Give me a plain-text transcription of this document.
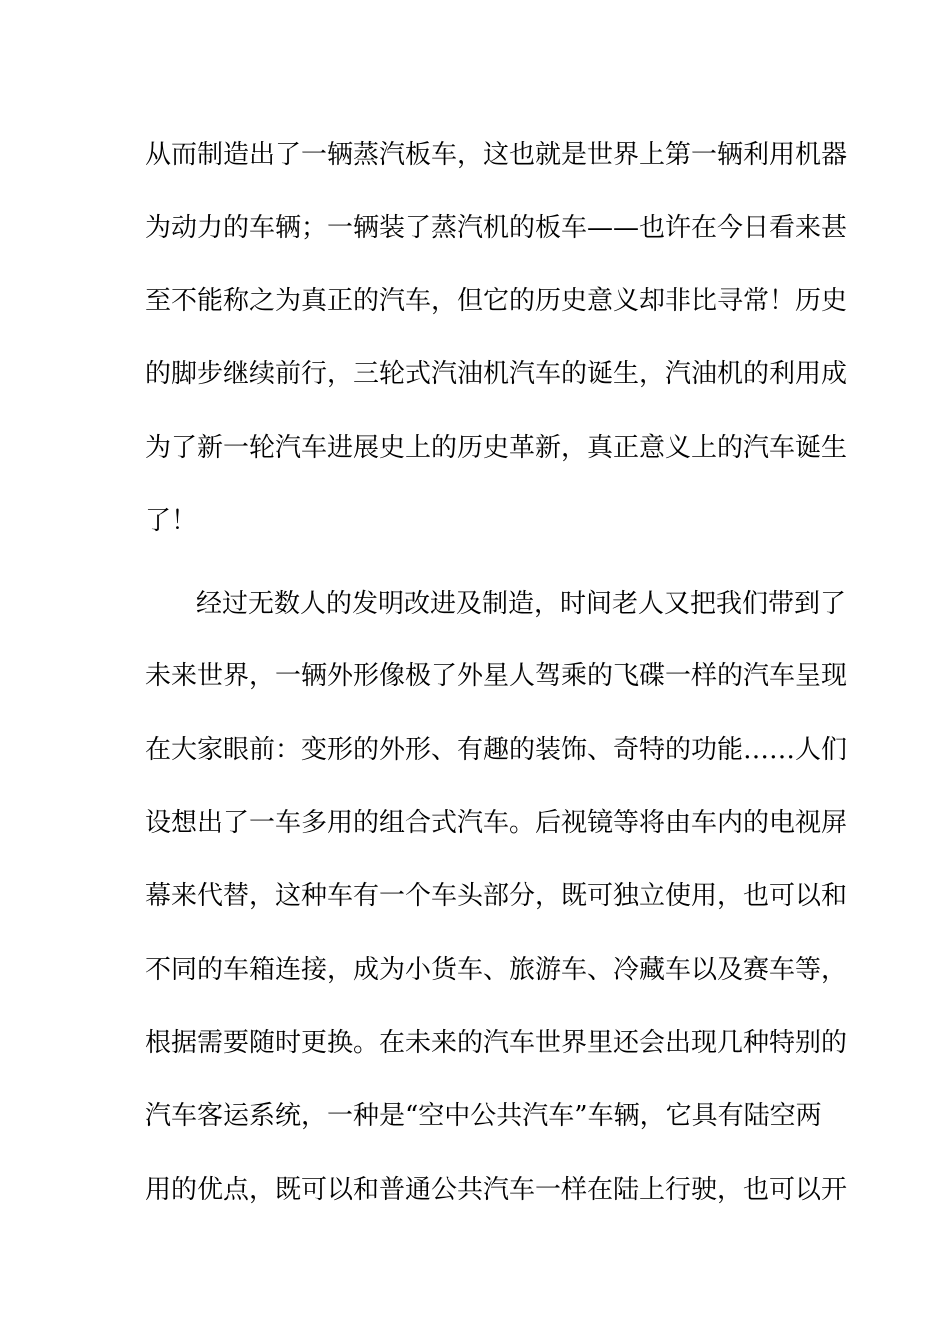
从而制造出了一辆蒸汽板车，这也就是世界上第一辆利用机器
为动力的车辆；一辆装了蒸汽机的板车——也许在今日看来甚
至不能称之为真正的汽车，但它的历史意义却非比寻常！历史
的脚步继续前行，三轮式汽油机汽车的诞生，汽油机的利用成
为了新一轮汽车进展史上的历史革新，真正意义上的汽车诞生
了！
经过无数人的发明改进及制造，时间老人又把我们带到了
未来世界，一辆外形像极了外星人驾乘的飞碟一样的汽车呈现
在大家眼前：变形的外形、有趣的装饰、奇特的功能……人们
设想出了一车多用的组合式汽车。后视镜等将由车内的电视屏
幕来代替，这种车有一个车头部分，既可独立使用，也可以和
不同的车箱连接，成为小货车、旅游车、冷藏车以及赛车等，
根据需要随时更换。在未来的汽车世界里还会出现几种特别的
汽车客运系统，一种是“空中公共汽车”车辆，它具有陆空两
用的优点，既可以和普通公共汽车一样在陆上行驶，也可以开
